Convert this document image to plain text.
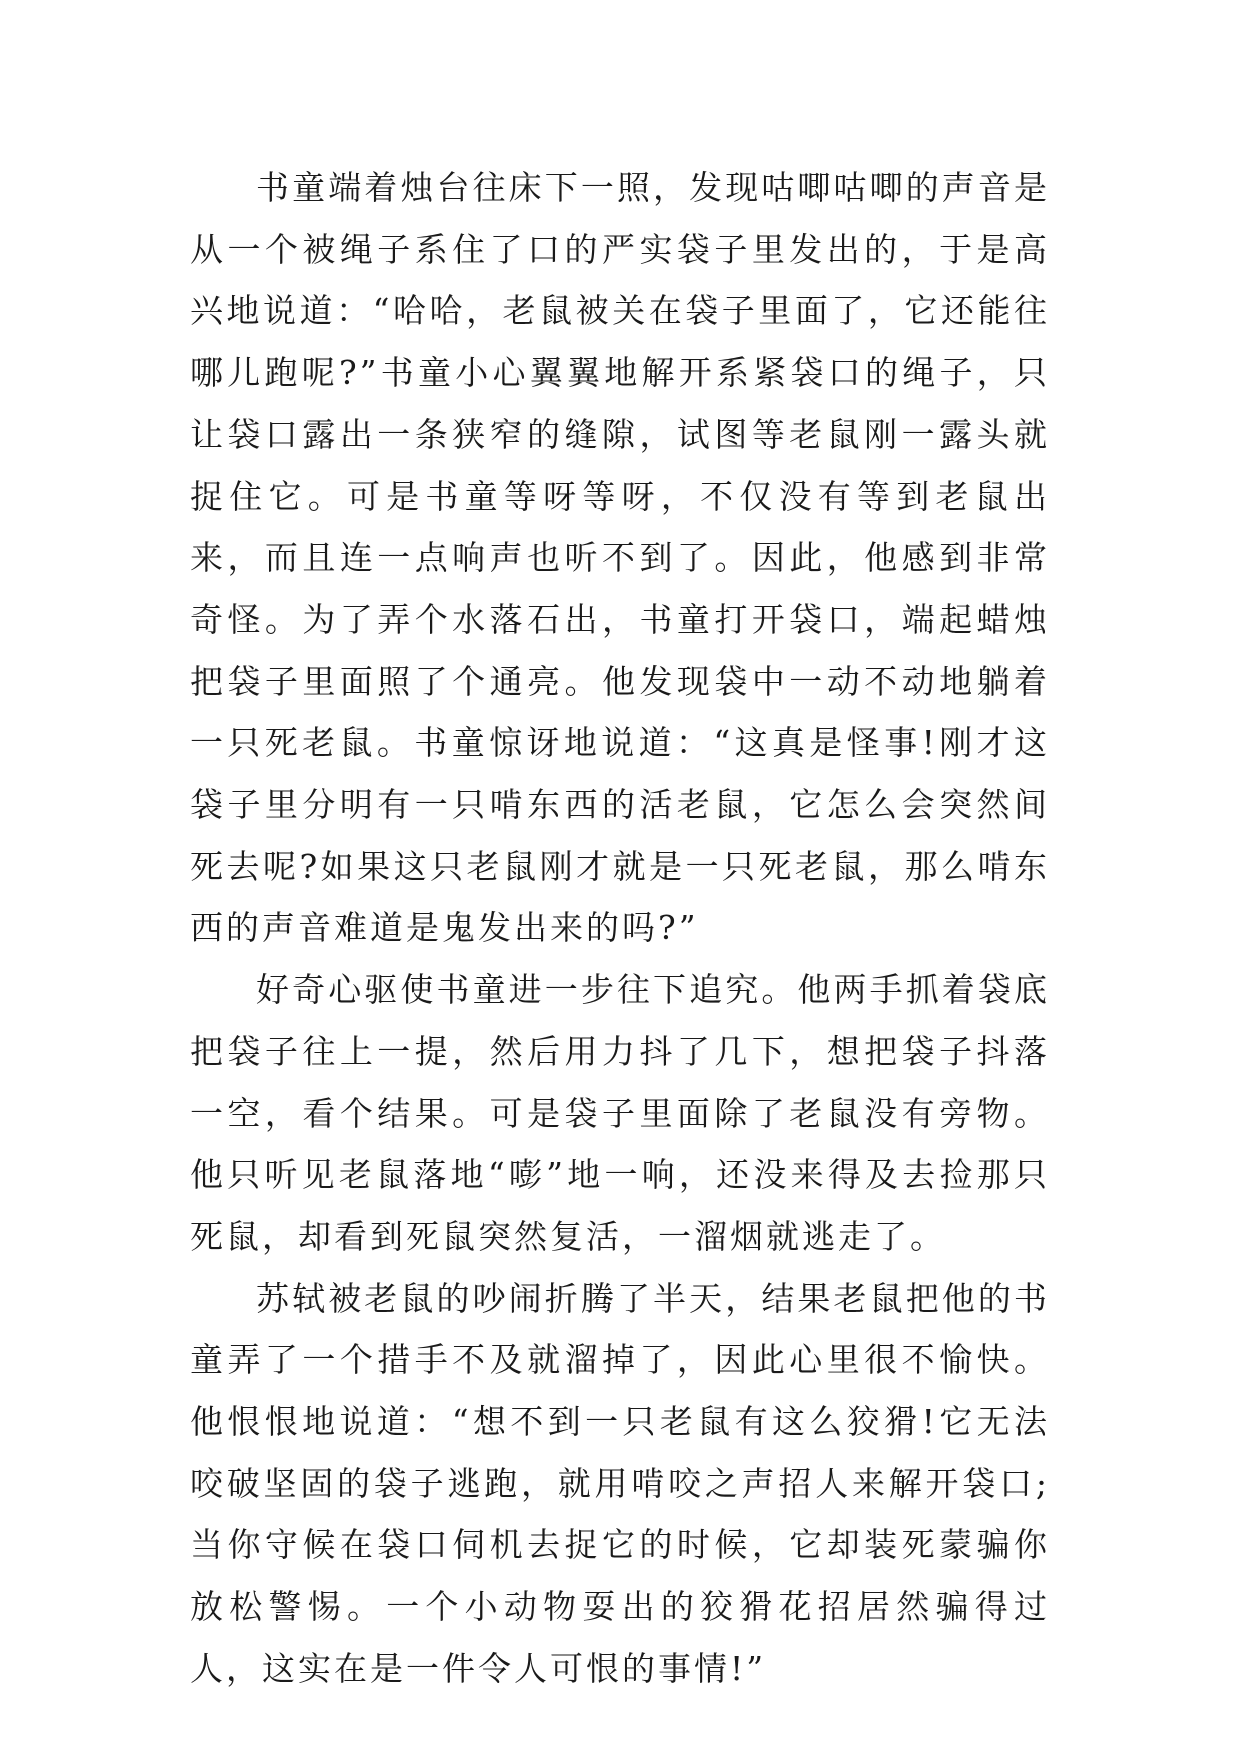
书童端着烛台往床下一照，发现咕唧咕唧的声音是从一个被绳子系住了口的严实袋子里发出的，于是高兴地说道：“哈哈，老鼠被关在袋子里面了，它还能往哪儿跑呢?”书童小心翼翼地解开系紧袋口的绳子，只让袋口露出一条狭窄的缝隙，试图等老鼠刚一露头就捉住它。可是书童等呀等呀，不仅没有等到老鼠出来，而且连一点响声也听不到了。因此，他感到非常奇怪。为了弄个水落石出，书童打开袋口，端起蜡烛把袋子里面照了个通亮。他发现袋中一动不动地躺着一只死老鼠。书童惊讶地说道：“这真是怪事!刚才这袋子里分明有一只啃东西的活老鼠，它怎么会突然间死去呢?如果这只老鼠刚才就是一只死老鼠，那么啃东西的声音难道是鬼发出来的吗?”

好奇心驱使书童进一步往下追究。他两手抓着袋底把袋子往上一提，然后用力抖了几下，想把袋子抖落一空，看个结果。可是袋子里面除了老鼠没有旁物。他只听见老鼠落地“嘭”地一响，还没来得及去捡那只死鼠，却看到死鼠突然复活，一溜烟就逃走了。

苏轼被老鼠的吵闹折腾了半天，结果老鼠把他的书童弄了一个措手不及就溜掉了，因此心里很不愉快。他恨恨地说道：“想不到一只老鼠有这么狡猾!它无法咬破坚固的袋子逃跑，就用啃咬之声招人来解开袋口;当你守候在袋口伺机去捉它的时候，它却装死蒙骗你放松警惕。一个小动物耍出的狡猾花招居然骗得过人，这实在是一件令人可恨的事情!”
